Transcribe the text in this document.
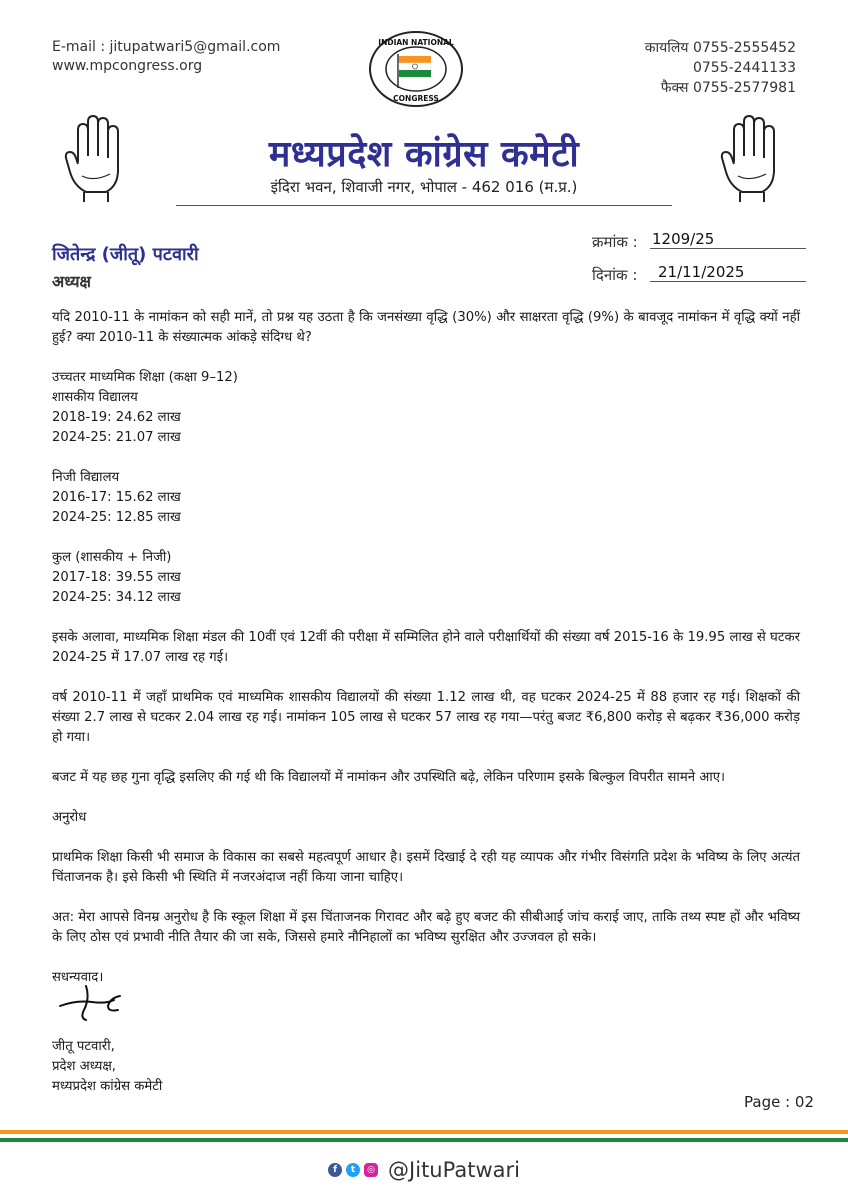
E-mail : jitupatwari5@gmail.com
www.mpcongress.org
कायलिय 0755-2555452
0755-2441133
फैक्स 0755-2577981
INDIAN NATIONAL
CONGRESS
मध्यप्रदेश कांग्रेस कमेटी
इंदिरा भवन, शिवाजी नगर, भोपाल - 462 016 (म.प्र.)
जितेन्द्र (जीतू) पटवारी
अध्यक्ष
क्रमांक : 1209/25
दिनांक :	21/11/2025

यदि 2010-11 के नामांकन को सही मानें, तो प्रश्न यह उठता है कि जनसंख्या वृद्धि (30%) और साक्षरता वृद्धि (9%) के बावजूद नामांकन में वृद्धि क्यों नहीं हुई? क्या 2010-11 के संख्यात्मक आंकड़े संदिग्ध थे?

उच्चतर माध्यमिक शिक्षा (कक्षा 9–12)
शासकीय विद्यालय
2018-19: 24.62 लाख
2024-25: 21.07 लाख
निजी विद्यालय
2016-17: 15.62 लाख
2024-25: 12.85 लाख
कुल (शासकीय + निजी)
2017-18: 39.55 लाख
2024-25: 34.12 लाख

इसके अलावा, माध्यमिक शिक्षा मंडल की 10वीं एवं 12वीं की परीक्षा में सम्मिलित होने वाले परीक्षार्थियों की संख्या वर्ष 2015-16 के 19.95 लाख से घटकर 2024-25 में 17.07 लाख रह गई।

वर्ष 2010-11 में जहाँ प्राथमिक एवं माध्यमिक शासकीय विद्यालयों की संख्या 1.12 लाख थी, वह घटकर 2024-25 में 88 हजार रह गई। शिक्षकों की संख्या 2.7 लाख से घटकर 2.04 लाख रह गई। नामांकन 105 लाख से घटकर 57 लाख रह गया—परंतु बजट ₹6,800 करोड़ से बढ़कर ₹36,000 करोड़ हो गया।

बजट में यह छह गुना वृद्धि इसलिए की गई थी कि विद्यालयों में नामांकन और उपस्थिति बढ़े, लेकिन परिणाम इसके बिल्कुल विपरीत सामने आए।

अनुरोध

प्राथमिक शिक्षा किसी भी समाज के विकास का सबसे महत्वपूर्ण आधार है। इसमें दिखाई दे रही यह व्यापक और गंभीर विसंगति प्रदेश के भविष्य के लिए अत्यंत चिंताजनक है। इसे किसी भी स्थिति में नजरअंदाज नहीं किया जाना चाहिए।

अत: मेरा आपसे विनम्र अनुरोध है कि स्कूल शिक्षा में इस चिंताजनक गिरावट और बढ़े हुए बजट की सीबीआई जांच कराई जाए, ताकि तथ्य स्पष्ट हों और भविष्य के लिए ठोस एवं प्रभावी नीति तैयार की जा सके, जिससे हमारे नौनिहालों का भविष्य सुरक्षित और उज्जवल हो सके।

सधन्यवाद।

जीतू पटवारी,
प्रदेश अध्यक्ष,
मध्यप्रदेश कांग्रेस कमेटी
Page : 02
f	t	◎ @JituPatwari
